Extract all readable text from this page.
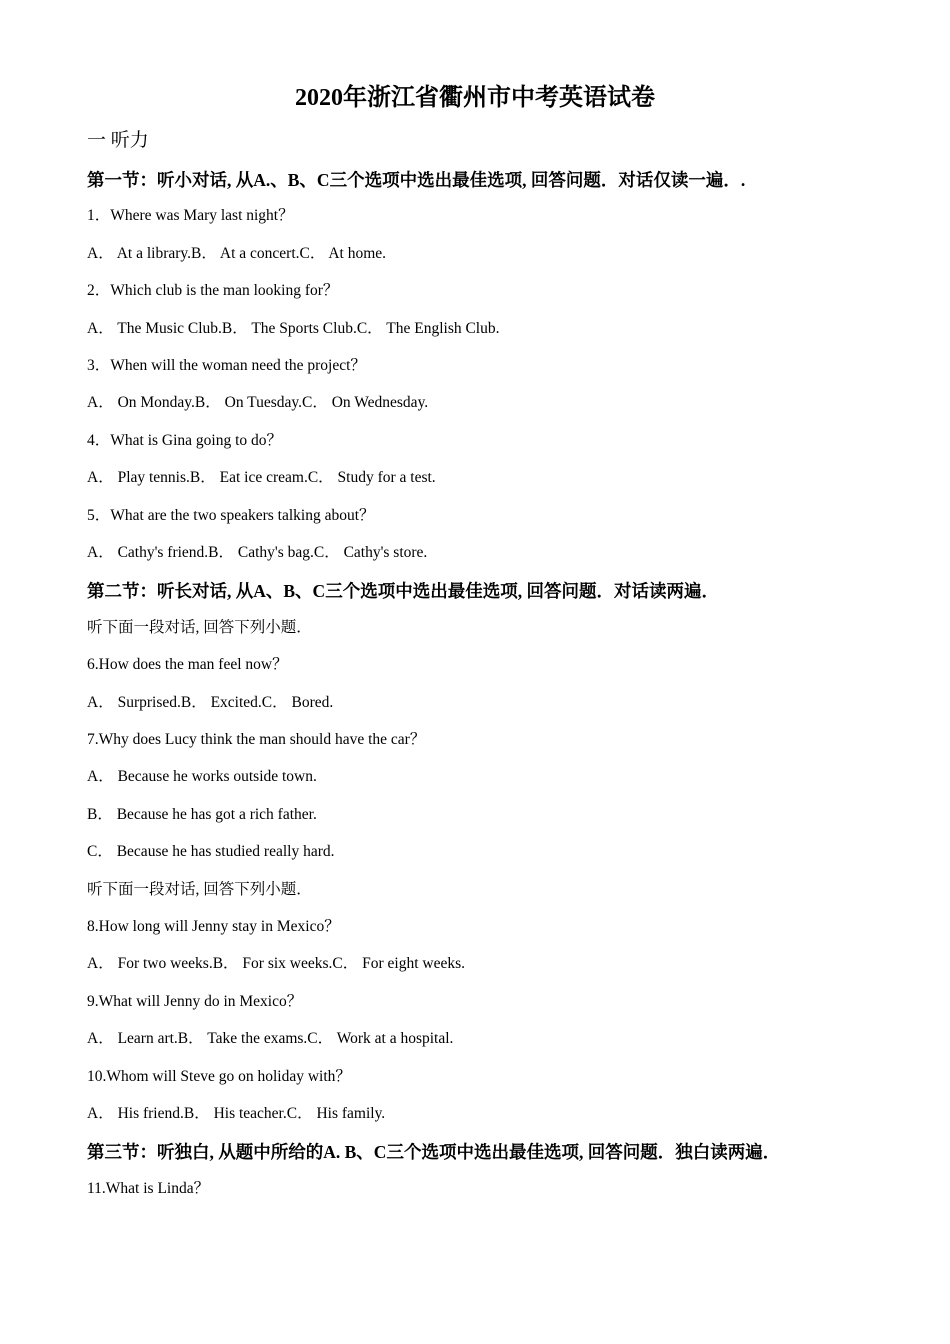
2020年浙江省衢州市中考英语试卷
一 听力
第一节：听小对话, 从A.、B、C三个选项中选出最佳选项, 回答问题．对话仅读一遍．.
1．Where was Mary last night？
A． At a library.B． At a concert.C． At home.
2．Which club is the man looking for？
A． The Music Club.B． The Sports Club.C． The English Club.
3．When will the woman need the project？
A． On Monday.B． On Tuesday.C． On Wednesday.
4．What is Gina going to do？
A． Play tennis.B． Eat ice cream.C． Study for a test.
5．What are the two speakers talking about？
A． Cathy's friend.B． Cathy's bag.C． Cathy's store.
第二节：听长对话, 从A、B、C三个选项中选出最佳选项, 回答问题．对话读两遍．
听下面一段对话, 回答下列小题．
6.How does the man feel now？
A． Surprised.B． Excited.C． Bored.
7.Why does Lucy think the man should have the car？
A． Because he works outside town.
B． Because he has got a rich father.
C． Because he has studied really hard.
听下面一段对话, 回答下列小题．
8.How long will Jenny stay in Mexico？
A． For two weeks.B． For six weeks.C． For eight weeks.
9.What will Jenny do in Mexico？
A． Learn art.B． Take the exams.C． Work at a hospital.
10.Whom will Steve go on holiday with？
A． His friend.B． His teacher.C． His family.
第三节：听独白, 从题中所给的A. B、C三个选项中选出最佳选项, 回答问题．独白读两遍．
11.What is Linda？
